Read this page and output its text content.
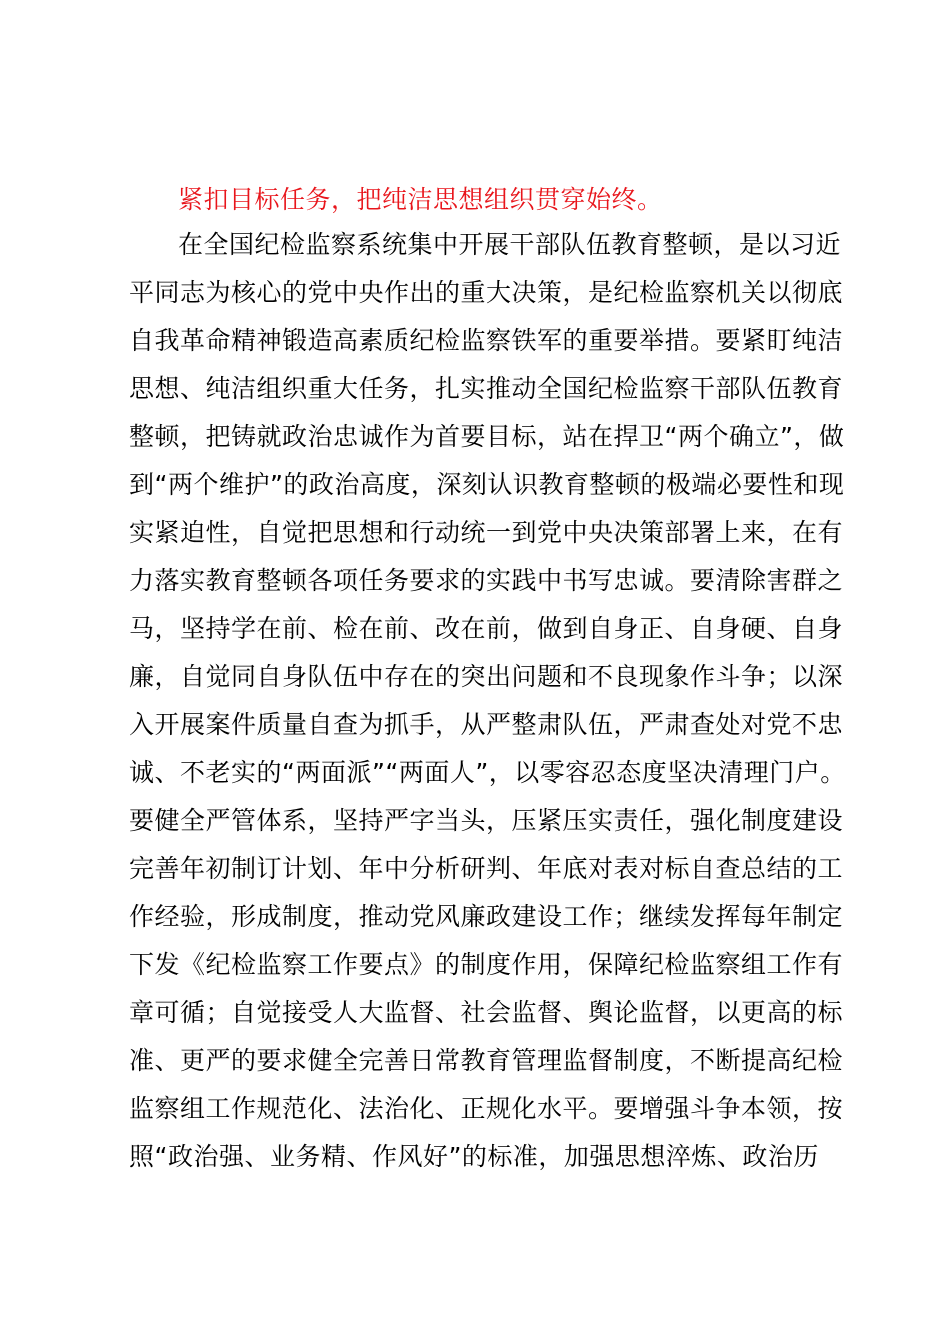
紧扣目标任务，把纯洁思想组织贯穿始终。
在全国纪检监察系统集中开展干部队伍教育整顿，是以习近
平同志为核心的党中央作出的重大决策，是纪检监察机关以彻底
自我革命精神锻造高素质纪检监察铁军的重要举措。要紧盯纯洁
思想、纯洁组织重大任务，扎实推动全国纪检监察干部队伍教育
整顿，把铸就政治忠诚作为首要目标，站在捍卫“两个确立”，做
到“两个维护”的政治高度，深刻认识教育整顿的极端必要性和现
实紧迫性，自觉把思想和行动统一到党中央决策部署上来，在有
力落实教育整顿各项任务要求的实践中书写忠诚。要清除害群之
马，坚持学在前、检在前、改在前，做到自身正、自身硬、自身
廉，自觉同自身队伍中存在的突出问题和不良现象作斗争；以深
入开展案件质量自查为抓手，从严整肃队伍，严肃查处对党不忠
诚、不老实的“两面派”“两面人”，以零容忍态度坚决清理门户。
要健全严管体系，坚持严字当头，压紧压实责任，强化制度建设
完善年初制订计划、年中分析研判、年底对表对标自查总结的工
作经验，形成制度，推动党风廉政建设工作；继续发挥每年制定
下发《纪检监察工作要点》的制度作用，保障纪检监察组工作有
章可循；自觉接受人大监督、社会监督、舆论监督，以更高的标
准、更严的要求健全完善日常教育管理监督制度，不断提高纪检
监察组工作规范化、法治化、正规化水平。要增强斗争本领，按
照“政治强、业务精、作风好”的标准，加强思想淬炼、政治历
